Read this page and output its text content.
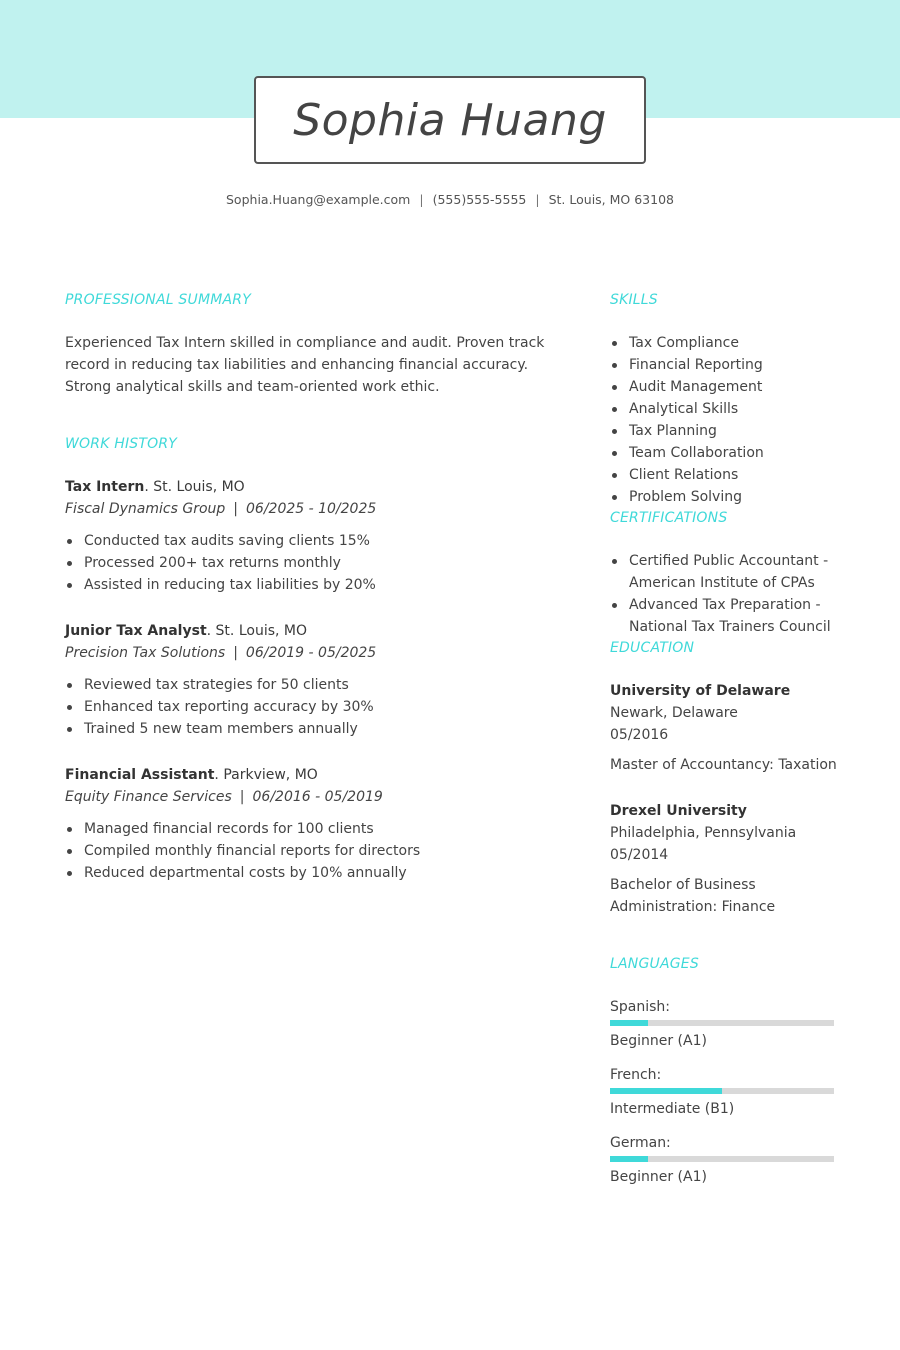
Sophia Huang
Sophia.Huang@example.com | (555)555-5555 | St. Louis, MO 63108
PROFESSIONAL SUMMARY

Experienced Tax Intern skilled in compliance and audit. Proven track record in reducing tax liabilities and enhancing financial accuracy. Strong analytical skills and team-oriented work ethic.

WORK HISTORY
Tax Intern. St. Louis, MO
Fiscal Dynamics Group | 06/2025 - 10/2025
Conducted tax audits saving clients 15%
Processed 200+ tax returns monthly
Assisted in reducing tax liabilities by 20%
Junior Tax Analyst. St. Louis, MO
Precision Tax Solutions | 06/2019 - 05/2025
Reviewed tax strategies for 50 clients
Enhanced tax reporting accuracy by 30%
Trained 5 new team members annually
Financial Assistant. Parkview, MO
Equity Finance Services | 06/2016 - 05/2019
Managed financial records for 100 clients
Compiled monthly financial reports for directors
Reduced departmental costs by 10% annually
SKILLS
Tax Compliance
Financial Reporting
Audit Management
Analytical Skills
Tax Planning
Team Collaboration
Client Relations
Problem Solving
CERTIFICATIONS
Certified Public Accountant - American Institute of CPAs
Advanced Tax Preparation - National Tax Trainers Council
EDUCATION
University of Delaware
Newark, Delaware
05/2016
Master of Accountancy: Taxation
Drexel University
Philadelphia, Pennsylvania
05/2014
Bachelor of Business Administration: Finance
LANGUAGES
Spanish:
Beginner (A1)
French:
Intermediate (B1)
German:
Beginner (A1)
